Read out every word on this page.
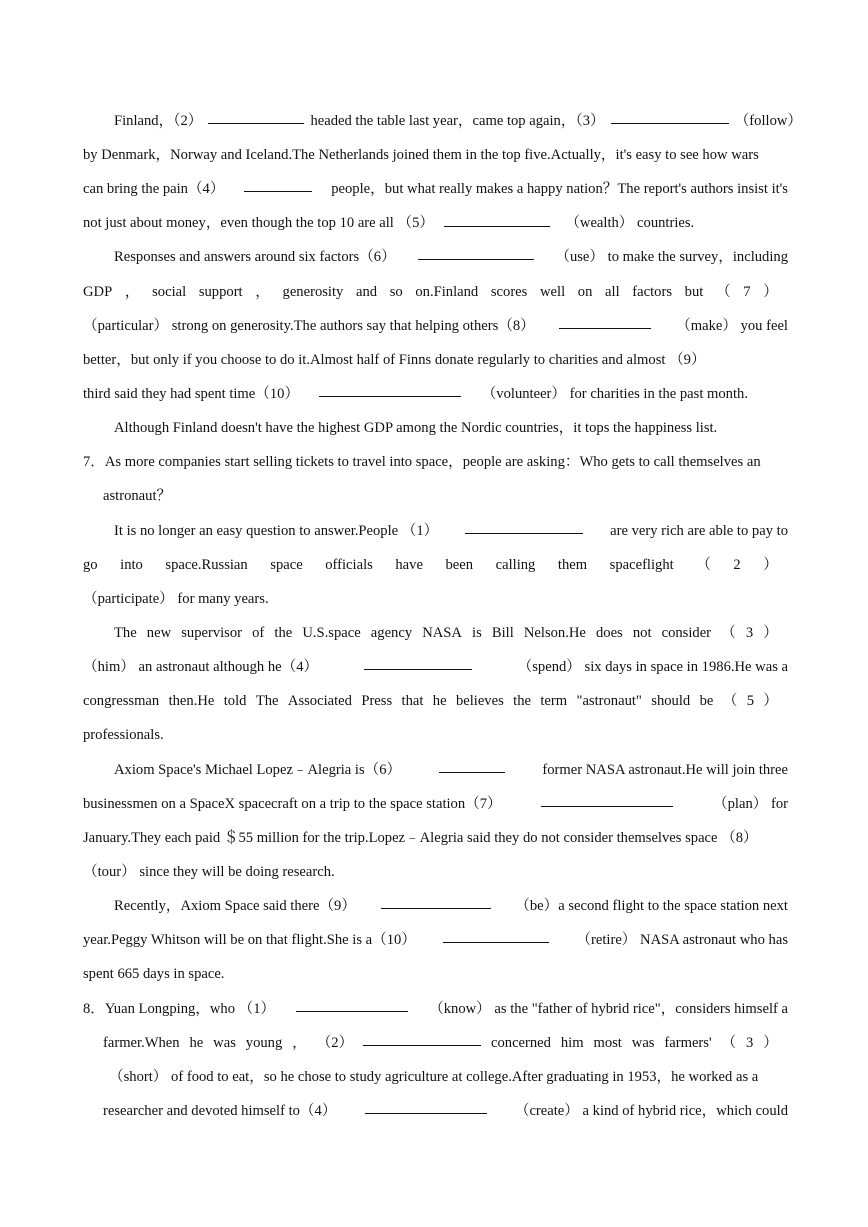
Finland，（2）	headed the table last year，came top again，（3）	（follow）
by Denmark，Norway and Iceland.The Netherlands joined them in the top five.Actually，it's easy to see how wars
can bring the pain（4）	people，but what really makes a happy nation？The report's authors insist it's
not just about money，even though the top 10 are all （5）	（wealth） countries.
Responses and answers around six factors（6）	（use） to make the survey，including
GDP ， social support ， generosity and so on.Finland scores well on all factors but （ 7 ）
（particular） strong on generosity.The authors say that helping others（8）	（make） you feel
better，but only if you choose to do it.Almost half of Finns donate regularly to charities and almost （9）
third said they had spent time（10）	（volunteer） for charities in the past month.
Although Finland doesn't have the highest GDP among the Nordic countries，it tops the happiness list.
7．As more companies start selling tickets to travel into space，people are asking：Who gets to call themselves an
astronaut？
It is no longer an easy question to answer.People （1）	are very rich are able to pay to
go into space.Russian space officials have been calling them spaceflight （ 2 ）
（participate） for many years.
The new supervisor of the U.S.space agency NASA is Bill Nelson.He does not consider （ 3 ）
（him） an astronaut although he（4）	（spend） six days in space in 1986.He was a
congressman then.He told The Associated Press that he believes the term "astronaut" should be （ 5 ）
professionals.
Axiom Space's Michael Lopez﹣Alegria is（6）	former NASA astronaut.He will join three
businessmen on a SpaceX spacecraft on a trip to the space station（7）	（plan） for
January.They each paid ＄55 million for the trip.Lopez﹣Alegria said they do not consider themselves space （8）
（tour） since they will be doing research.
Recently，Axiom Space said there（9）	（be）a second flight to the space station next
year.Peggy Whitson will be on that flight.She is a（10）	（retire） NASA astronaut who has
spent 665 days in space.
8．Yuan Longping，who （1）	（know） as the "father of hybrid rice"，considers himself a
farmer.When he was young ， （2）	concerned him most was farmers' （ 3 ）
（short） of food to eat，so he chose to study agriculture at college.After graduating in 1953，he worked as a
researcher and devoted himself to（4）	（create） a kind of hybrid rice，which could
